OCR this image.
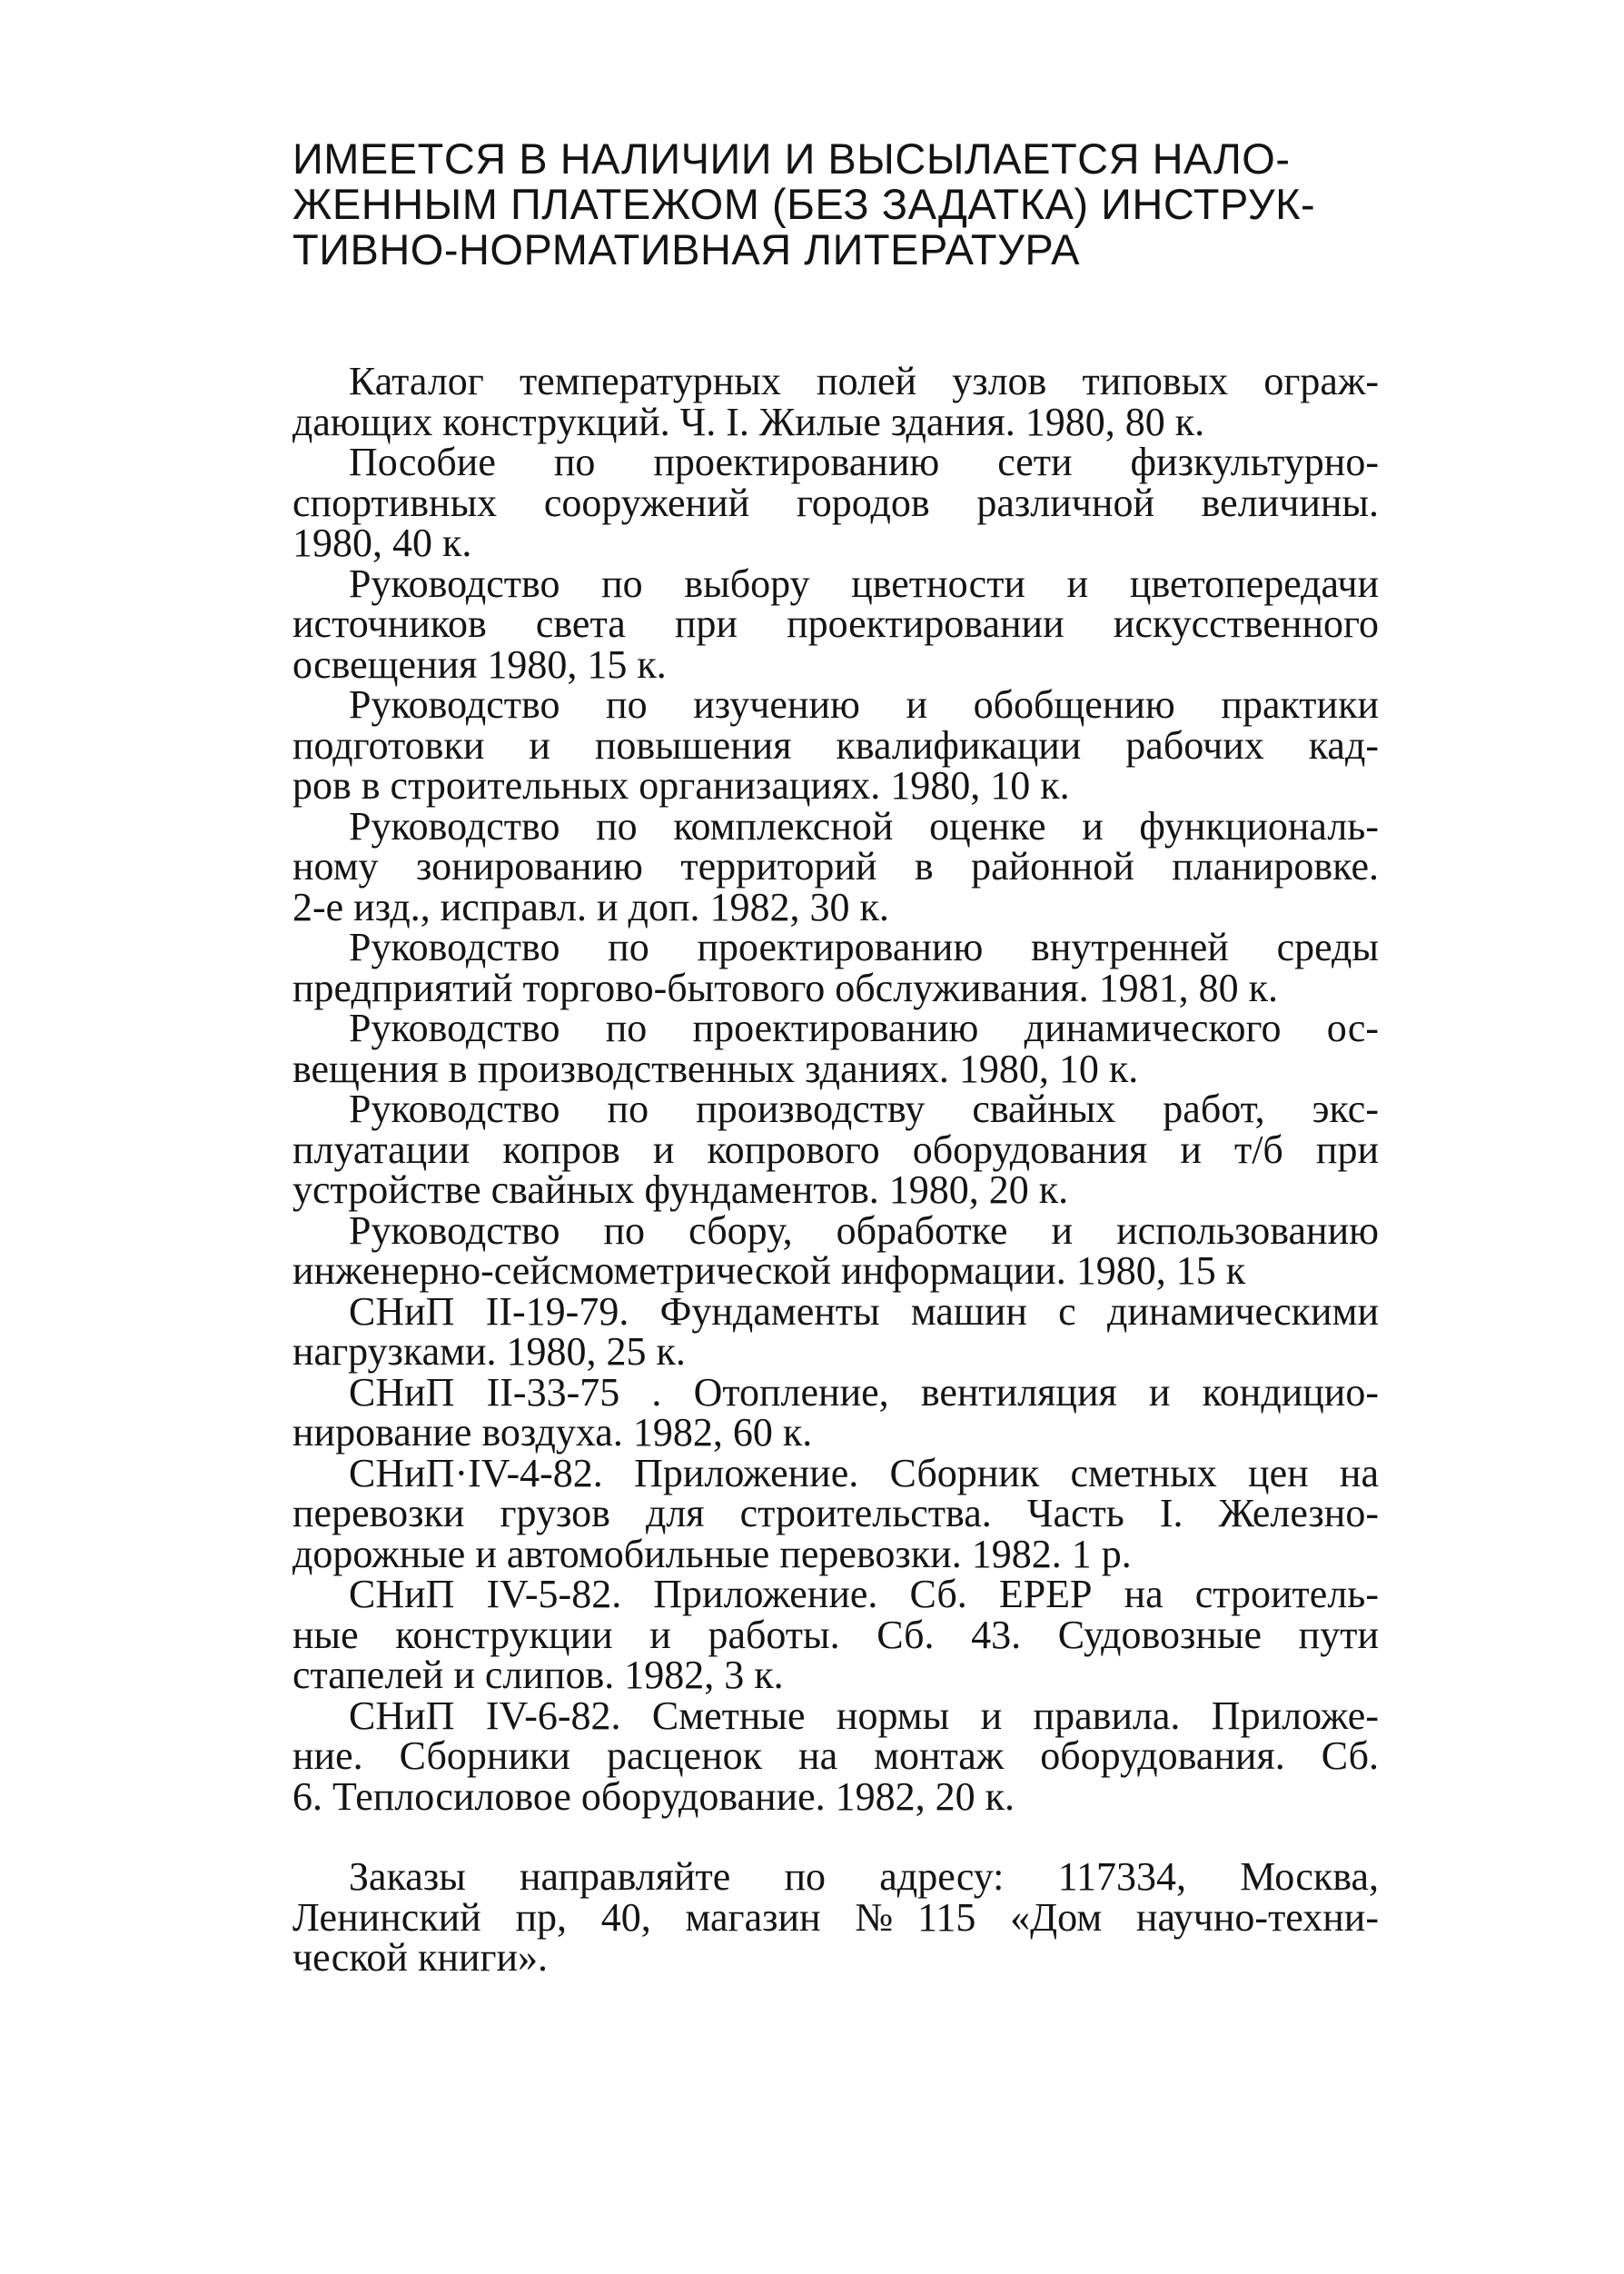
ИМЕЕТСЯ В НАЛИЧИИ И ВЫСЫЛАЕТСЯ НАЛО-
ЖЕННЫМ ПЛАТЕЖОМ (БЕЗ ЗАДАТКА) ИНСТРУК-
ТИВНО-НОРМАТИВНАЯ ЛИТЕРАТУРА

Каталог температурных полей узлов типовых ограж-
дающих конструкций. Ч. I. Жилые здания. 1980, 80 к.

Пособие по проектированию сети физкультурно-
спортивных сооружений городов различной величины.
1980, 40 к.

Руководство по выбору цветности и цветопередачи
источников света при проектировании искусственного
освещения 1980, 15 к.

Руководство по изучению и обобщению практики
подготовки и повышения квалификации рабочих кад-
ров в строительных организациях. 1980, 10 к.

Руководство по комплексной оценке и функциональ-
ному зонированию территорий в районной планировке.
2-е изд., исправл. и доп. 1982, 30 к.

Руководство по проектированию внутренней среды
предприятий торгово-бытового обслуживания. 1981, 80 к.

Руководство по проектированию динамического ос-
вещения в производственных зданиях. 1980, 10 к.

Руководство по производству свайных работ, экс-
плуатации копров и копрового оборудования и т/б при
устройстве свайных фундаментов. 1980, 20 к.

Руководство по сбору, обработке и использованию
инженерно-сейсмометрической информации. 1980, 15 к

СНиП II-19-79. Фундаменты машин с динамическими
нагрузками. 1980, 25 к.

СНиП II-33-75 . Отопление, вентиляция и кондицио-
нирование воздуха. 1982, 60 к.

СНиП·IV-4-82. Приложение. Сборник сметных цен на
перевозки грузов для строительства. Часть I. Железно-
дорожные и автомобильные перевозки. 1982. 1 р.

СНиП IV-5-82. Приложение. Сб. ЕРЕР на строитель-
ные конструкции и работы. Сб. 43. Судовозные пути
стапелей и слипов. 1982, 3 к.

СНиП IV-6-82. Сметные нормы и правила. Приложе-
ние. Сборники расценок на монтаж оборудования. Сб.
6. Теплосиловое оборудование. 1982, 20 к.

Заказы направляйте по адресу: 117334, Москва,
Ленинский пр, 40, магазин №115 «Дом научно-техни-
ческой книги».
